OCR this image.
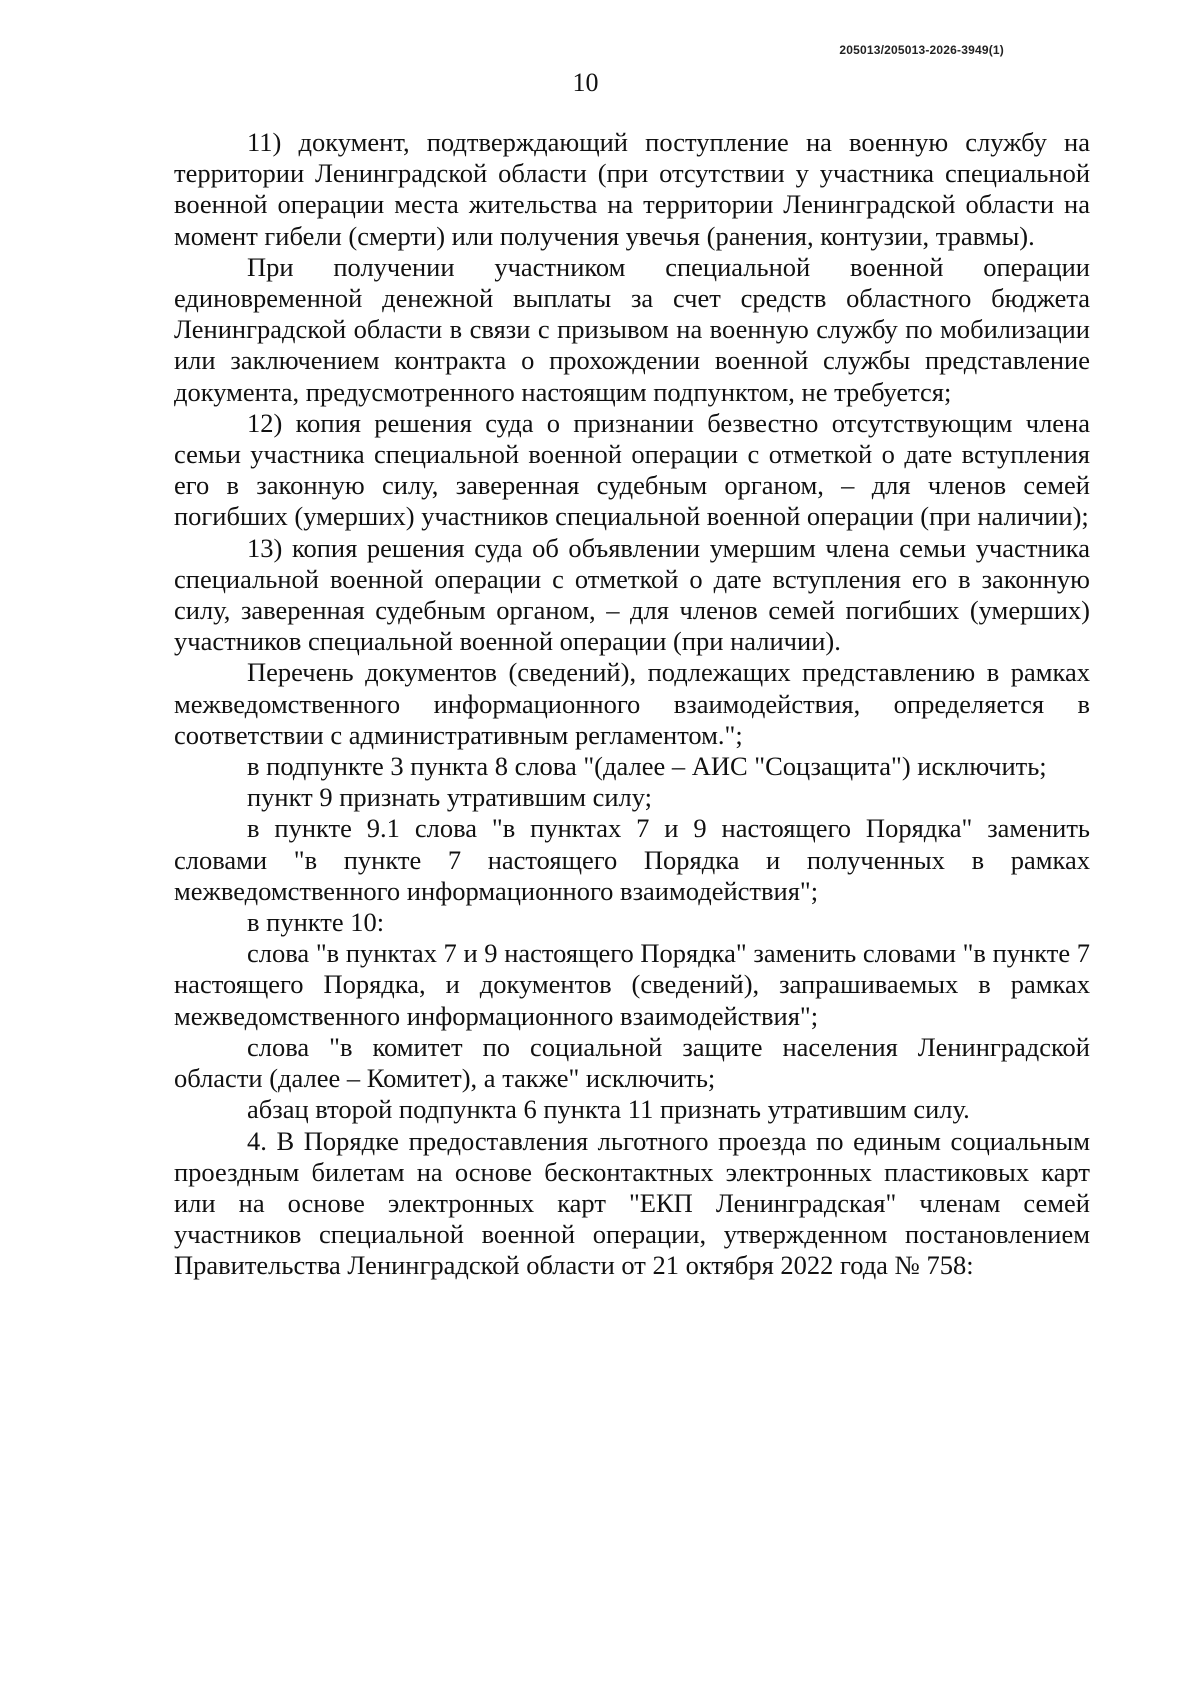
205013/205013-2026-3949(1)
10

11) документ, подтверждающий поступление на военную службу на территории Ленинградской области (при отсутствии у участника специальной военной операции места жительства на территории Ленинградской области на момент гибели (смерти) или получения увечья (ранения, контузии, травмы).

При получении участником специальной военной операции единовременной денежной выплаты за счет средств областного бюджета Ленинградской области в связи с призывом на военную службу по мобилизации или заключением контракта о прохождении военной службы представление документа, предусмотренного настоящим подпунктом, не требуется;

12) копия решения суда о признании безвестно отсутствующим члена семьи участника специальной военной операции с отметкой о дате вступления его в законную силу, заверенная судебным органом, – для членов семей погибших (умерших) участников специальной военной операции (при наличии);

13) копия решения суда об объявлении умершим члена семьи участника специальной военной операции с отметкой о дате вступления его в законную силу, заверенная судебным органом, – для членов семей погибших (умерших) участников специальной военной операции (при наличии).

Перечень документов (сведений), подлежащих представлению в рамках межведомственного информационного взаимодействия, определяется в соответствии с административным регламентом.";

в подпункте 3 пункта 8 слова "(далее – АИС "Соцзащита") исключить;

пункт 9 признать утратившим силу;

в пункте 9.1 слова "в пунктах 7 и 9 настоящего Порядка" заменить словами "в пункте 7 настоящего Порядка и полученных в рамках межведомственного информационного взаимодействия";

в пункте 10:

слова "в пунктах 7 и 9 настоящего Порядка" заменить словами "в пункте 7 настоящего Порядка, и документов (сведений), запрашиваемых в рамках межведомственного информационного взаимодействия";

слова "в комитет по социальной защите населения Ленинградской области (далее – Комитет), а также" исключить;

абзац второй подпункта 6 пункта 11 признать утратившим силу.

4. В Порядке предоставления льготного проезда по единым социальным проездным билетам на основе бесконтактных электронных пластиковых карт или на основе электронных карт "ЕКП Ленинградская" членам семей участников специальной военной операции, утвержденном постановлением Правительства Ленинградской области от 21 октября 2022 года № 758:
